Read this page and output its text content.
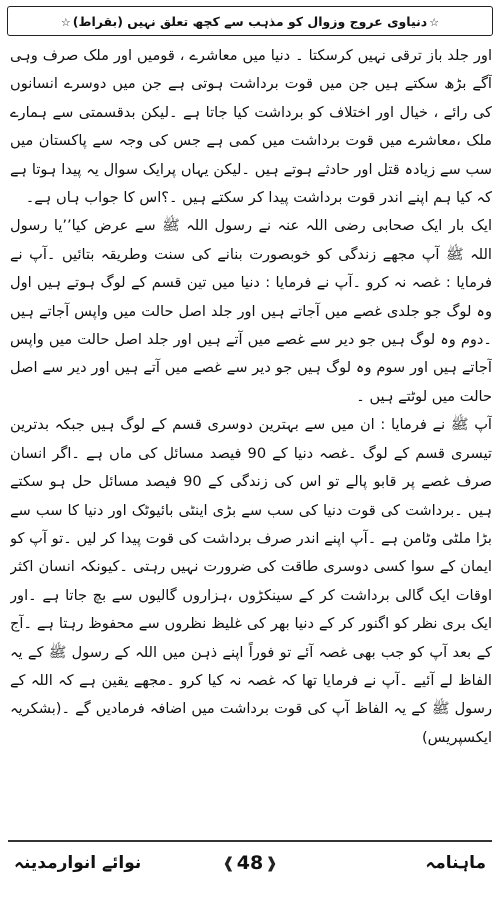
☆دنیاوی عروج وزوال کو مذہب سے کچھ تعلق نہیں (بقراط)☆

اور جلد باز ترقی نہیں کرسکتا ۔ دنیا میں معاشرے ، قومیں اور ملک صرف وہی آگے بڑھ سکتے ہیں جن میں قوت برداشت ہوتی ہے جن میں دوسرے انسانوں کی رائے ، خیال اور اختلاف کو برداشت کیا جاتا ہے ۔لیکن بدقسمتی سے ہمارے ملک ،معاشرے میں قوت برداشت میں کمی ہے جس کی وجہ سے پاکستان میں سب سے زیادہ قتل اور حادثے ہوتے ہیں ۔لیکن یہاں پرایک سوال یہ پیدا ہوتا ہے کہ کیا ہم اپنے اندر قوت برداشت پیدا کر سکتے ہیں ۔؟اس کا جواب ہاں ہے۔

ایک بار ایک صحابی رضی اللہ عنہ نے رسول اللہ ﷺ سے عرض کیا’’یا رسول اللہ ﷺ آپ مجھے زندگی کو خوبصورت بنانے کی سنت وطریقہ بتائیں ۔آپ نے فرمایا : غصہ نہ کرو ۔آپ نے فرمایا : دنیا میں تین قسم کے لوگ ہوتے ہیں اول وہ لوگ جو جلدی غصے میں آجاتے ہیں اور جلد اصل حالت میں واپس آجاتے ہیں ۔دوم وہ لوگ ہیں جو دیر سے غصے میں آتے ہیں اور جلد اصل حالت میں واپس آجاتے ہیں اور سوم وہ لوگ ہیں جو دیر سے غصے میں آتے ہیں اور دیر سے اصل حالت میں لوٹتے ہیں ۔

آپ ﷺ نے فرمایا : ان میں سے بہترین دوسری قسم کے لوگ ہیں جبکہ بدترین تیسری قسم کے لوگ ۔غصہ دنیا کے 90 فیصد مسائل کی ماں ہے ۔اگر انسان صرف غصے پر قابو پالے تو اس کی زندگی کے 90 فیصد مسائل حل ہو سکتے ہیں ۔برداشت کی قوت دنیا کی سب سے بڑی اینٹی بائیوٹک اور دنیا کا سب سے بڑا ملٹی وٹامن ہے ۔آپ اپنے اندر صرف برداشت کی قوت پیدا کر لیں ۔تو آپ کو ایمان کے سوا کسی دوسری طاقت کی ضرورت نہیں رہتی ۔کیونکہ انسان اکثر اوقات ایک گالی برداشت کر کے سینکڑوں ،ہزاروں گالیوں سے بچ جاتا ہے ۔اور ایک بری نظر کو اگنور کر کے دنیا بھر کی غلیظ نظروں سے محفوظ رہتا ہے ۔آج کے بعد آپ کو جب بھی غصہ آئے تو فوراً اپنے ذہن میں اللہ کے رسول ﷺ کے یہ الفاظ لے آئیے ۔آپ نے فرمایا تھا کہ غصہ نہ کیا کرو ۔مجھے یقین ہے کہ اللہ کے رسول ﷺ کے یہ الفاظ آپ کی قوت برداشت میں اضافہ فرمادیں گے ۔(بشکریہ ایکسپریس)

نوائے انوارمدینہ	❰ 48 ❱	ماہنامہ
